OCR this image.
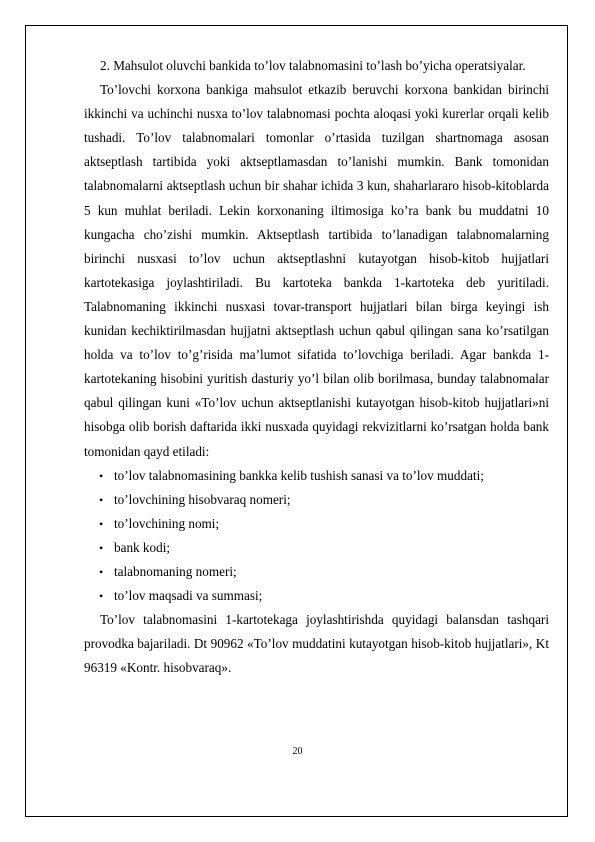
2. Mahsulot oluvchi bankida to’lov talabnomasini to’lash bo’yicha operatsiyalar.

To’lovchi korxona bankiga mahsulot etkazib beruvchi korxona bankidan birinchi ikkinchi va uchinchi nusxa to’lov talabnomasi pochta aloqasi yoki kurerlar orqali kelib tushadi. To’lov talabnomalari tomonlar o’rtasida tuzilgan shartnomaga asosan aktseptlash tartibida yoki aktseptlamasdan to’lanishi mumkin. Bank tomonidan talabnomalarni aktseptlash uchun bir shahar ichida 3 kun, shaharlararo hisob-kitoblarda 5 kun muhlat beriladi. Lekin korxonaning iltimosiga ko’ra bank bu muddatni 10 kungacha cho’zishi mumkin. Aktseptlash tartibida to’lanadigan talabnomalarning birinchi nusxasi to’lov uchun aktseptlashni kutayotgan hisob-kitob hujjatlari kartotekasiga joylashtiriladi. Bu kartoteka bankda 1-kartoteka deb yuritiladi. Talabnomaning ikkinchi nusxasi tovar-transport hujjatlari bilan birga keyingi ish kunidan kechiktirilmasdan hujjatni aktseptlash uchun qabul qilingan sana ko’rsatilgan holda va to’lov to’g’risida ma’lumot sifatida to’lovchiga beriladi. Agar bankda 1-kartotekaning hisobini yuritish dasturiy yo’l bilan olib borilmasa, bunday talabnomalar qabul qilingan kuni «To’lov uchun aktseptlanishi kutayotgan hisob-kitob hujjatlari»ni hisobga olib borish daftarida ikki nusxada quyidagi rekvizitlarni ko’rsatgan holda bank tomonidan qayd etiladi:

• to’lov talabnomasining bankka kelib tushish sanasi va to’lov muddati;
• to’lovchining hisobvaraq nomeri;
• to’lovchining nomi;
• bank kodi;
• talabnomaning nomeri;
• to’lov maqsadi va summasi;

To’lov talabnomasini 1-kartotekaga joylashtirishda quyidagi balansdan tashqari provodka bajariladi. Dt 90962 «To’lov muddatini kutayotgan hisob-kitob hujjatlari», Kt 96319 «Kontr. hisobvaraq».

20
